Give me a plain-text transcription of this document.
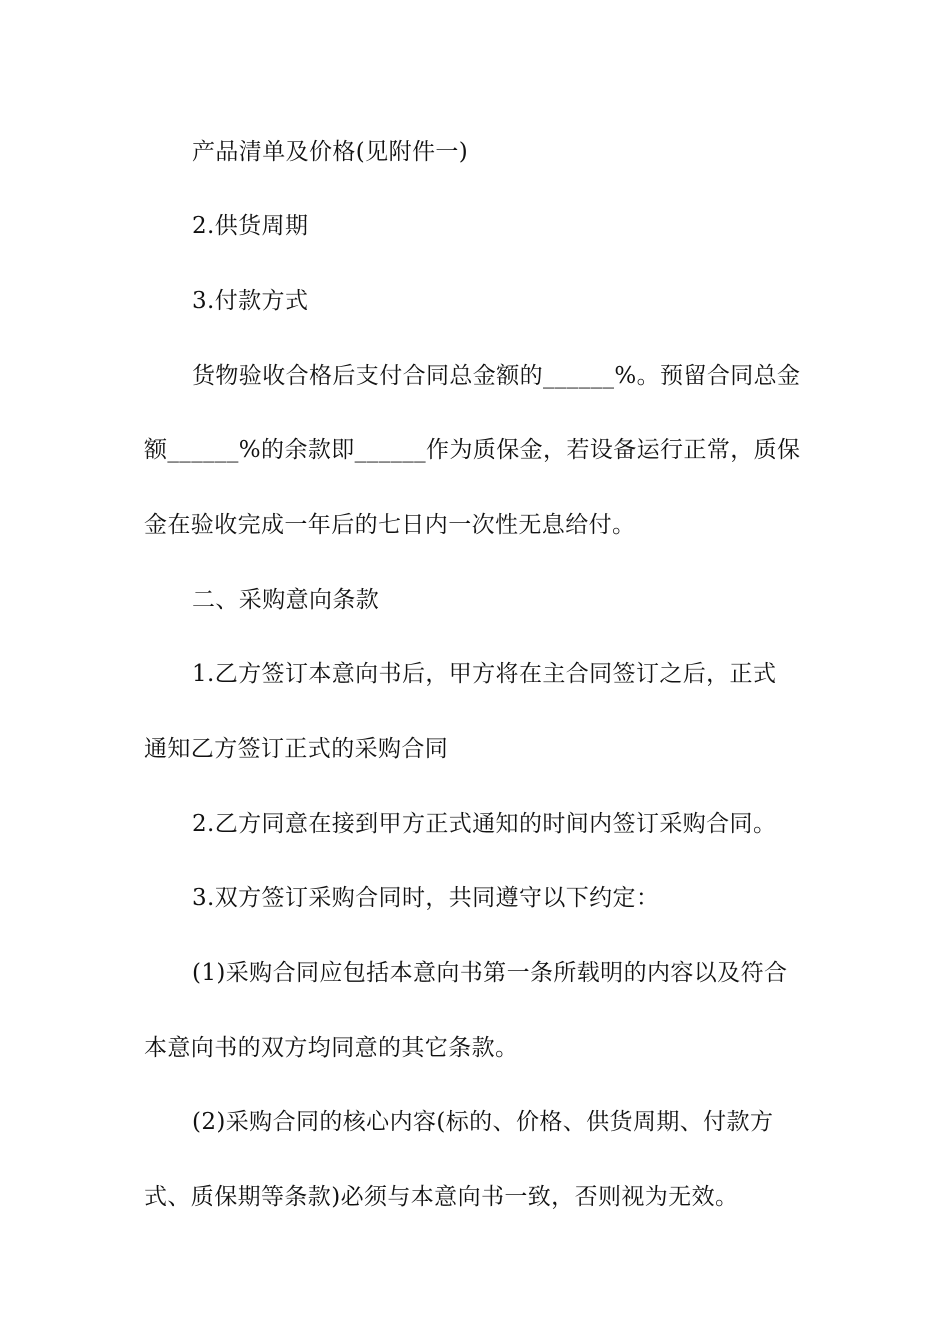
产品清单及价格(见附件一)
2.供货周期
3.付款方式
货物验收合格后支付合同总金额的______%。预留合同总金
额______%的余款即______作为质保金，若设备运行正常，质保
金在验收完成一年后的七日内一次性无息给付。
二、采购意向条款
1.乙方签订本意向书后，甲方将在主合同签订之后，正式
通知乙方签订正式的采购合同
2.乙方同意在接到甲方正式通知的时间内签订采购合同。
3.双方签订采购合同时，共同遵守以下约定：
(1)采购合同应包括本意向书第一条所载明的内容以及符合
本意向书的双方均同意的其它条款。
(2)采购合同的核心内容(标的、价格、供货周期、付款方
式、质保期等条款)必须与本意向书一致，否则视为无效。
